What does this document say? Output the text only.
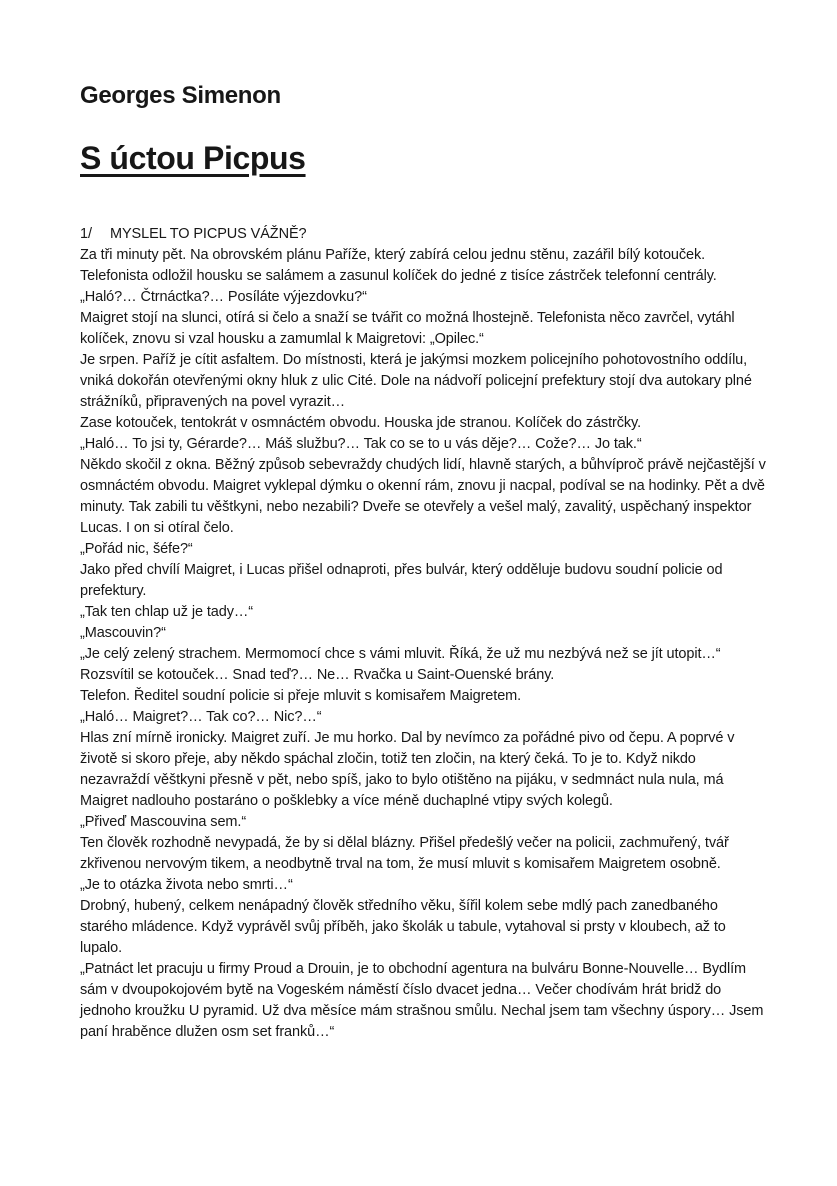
Georges Simenon
S úctou Picpus

1/ MYSLEL TO PICPUS VÁŽNĚ?

Za tři minuty pět. Na obrovském plánu Paříže, který zabírá celou jednu stěnu, zazářil bílý kotouček. Telefonista odložil housku se salámem a zasunul kolíček do jedné z tisíce zástrček telefonní centrály.

„Haló?… Čtrnáctka?… Posíláte výjezdovku?“

Maigret stojí na slunci, otírá si čelo a snaží se tvářit co možná lhostejně. Telefonista něco zavrčel, vytáhl kolíček, znovu si vzal housku a zamumlal k Maigretovi: „Opilec.“

Je srpen. Paříž je cítit asfaltem. Do místnosti, která je jakýmsi mozkem policejního pohotovostního oddílu, vniká dokořán otevřenými okny hluk z ulic Cité. Dole na nádvoří policejní prefektury stojí dva autokary plné strážníků, připravených na povel vyrazit…

Zase kotouček, tentokrát v osmnáctém obvodu. Houska jde stranou. Kolíček do zástrčky.

„Haló… To jsi ty, Gérarde?… Máš službu?… Tak co se to u vás děje?… Cože?… Jo tak.“

Někdo skočil z okna. Běžný způsob sebevraždy chudých lidí, hlavně starých, a bůhvíproč právě nejčastější v osmnáctém obvodu. Maigret vyklepal dýmku o okenní rám, znovu ji nacpal, podíval se na hodinky. Pět a dvě minuty. Tak zabili tu věštkyni, nebo nezabili? Dveře se otevřely a vešel malý, zavalitý, uspěchaný inspektor Lucas. I on si otíral čelo.

„Pořád nic, šéfe?“

Jako před chvílí Maigret, i Lucas přišel odnaproti, přes bulvár, který odděluje budovu soudní policie od prefektury.

„Tak ten chlap už je tady…“

„Mascouvin?“

„Je celý zelený strachem. Mermomocí chce s vámi mluvit. Říká, že už mu nezbývá než se jít utopit…“

Rozsvítil se kotouček… Snad teď?… Ne… Rvačka u Saint-Ouenské brány.

Telefon. Ředitel soudní policie si přeje mluvit s komisařem Maigretem.

„Haló… Maigret?… Tak co?… Nic?…“

Hlas zní mírně ironicky. Maigret zuří. Je mu horko. Dal by nevímco za pořádné pivo od čepu. A poprvé v životě si skoro přeje, aby někdo spáchal zločin, totiž ten zločin, na který čeká. To je to. Když nikdo nezavraždí věštkyni přesně v pět, nebo spíš, jako to bylo otištěno na pijáku, v sedmnáct nula nula, má Maigret nadlouho postaráno o pošklebky a více méně duchaplné vtipy svých kolegů.

„Přiveď Mascouvina sem.“

Ten člověk rozhodně nevypadá, že by si dělal blázny. Přišel předešlý večer na policii, zachmuřený, tvář zkřivenou nervovým tikem, a neodbytně trval na tom, že musí mluvit s komisařem Maigretem osobně.

„Je to otázka života nebo smrti…“

Drobný, hubený, celkem nenápadný člověk středního věku, šířil kolem sebe mdlý pach zanedbaného starého mládence. Když vyprávěl svůj příběh, jako školák u tabule, vytahoval si prsty v kloubech, až to lupalo.

„Patnáct let pracuju u firmy Proud a Drouin, je to obchodní agentura na bulváru Bonne-Nouvelle… Bydlím sám v dvoupokojovém bytě na Vogeském náměstí číslo dvacet jedna… Večer chodívám hrát bridž do jednoho kroužku U pyramid. Už dva měsíce mám strašnou smůlu. Nechal jsem tam všechny úspory… Jsem paní hraběnce dlužen osm set franků…“
